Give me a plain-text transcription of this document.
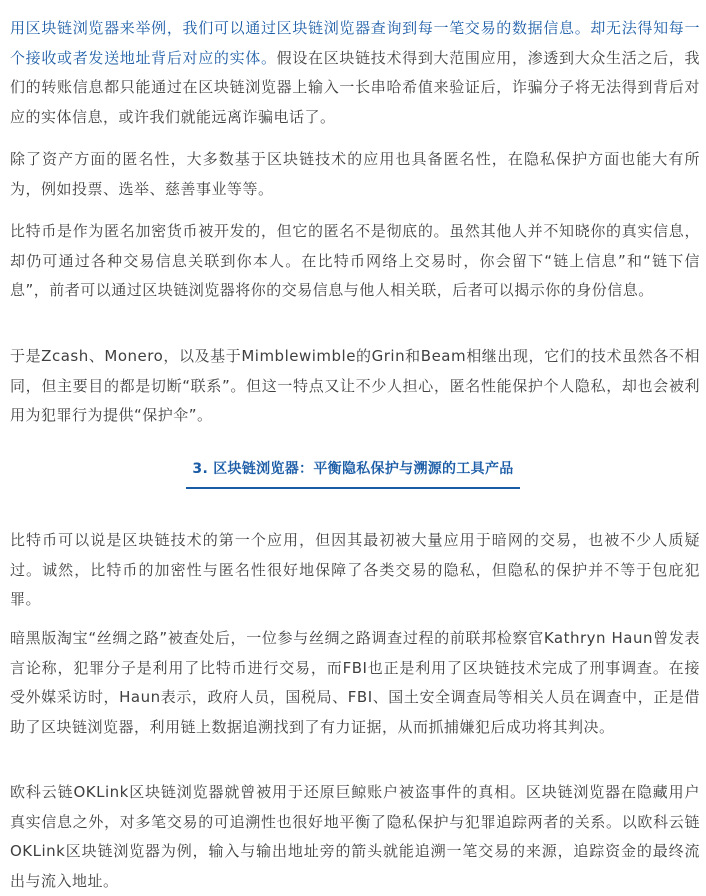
用区块链浏览器来举例，我们可以通过区块链浏览器查询到每一笔交易的数据信息。却无法得知每一个接收或者发送地址背后对应的实体。假设在区块链技术得到大范围应用，渗透到大众生活之后，我们的转账信息都只能通过在区块链浏览器上输入一长串哈希值来验证后，诈骗分子将无法得到背后对应的实体信息，或许我们就能远离诈骗电话了。

除了资产方面的匿名性，大多数基于区块链技术的应用也具备匿名性，在隐私保护方面也能大有所为，例如投票、选举、慈善事业等等。

比特币是作为匿名加密货币被开发的，但它的匿名不是彻底的。虽然其他人并不知晓你的真实信息，却仍可通过各种交易信息关联到你本人。在比特币网络上交易时，你会留下“链上信息”和“链下信息”，前者可以通过区块链浏览器将你的交易信息与他人相关联，后者可以揭示你的身份信息。

于是Zcash、Monero，以及基于Mimblewimble的Grin和Beam相继出现，它们的技术虽然各不相同，但主要目的都是切断“联系”。但这一特点又让不少人担心，匿名性能保护个人隐私，却也会被利用为犯罪行为提供“保护伞”。

3. 区块链浏览器：平衡隐私保护与溯源的工具产品

比特币可以说是区块链技术的第一个应用，但因其最初被大量应用于暗网的交易，也被不少人质疑过。诚然，比特币的加密性与匿名性很好地保障了各类交易的隐私，但隐私的保护并不等于包庇犯罪。

暗黑版淘宝“丝绸之路”被查处后，一位参与丝绸之路调查过程的前联邦检察官Kathryn Haun曾发表言论称，犯罪分子是利用了比特币进行交易，而FBI也正是利用了区块链技术完成了刑事调查。在接受外媒采访时，Haun表示，政府人员，国税局、FBI、国土安全调查局等相关人员在调查中，正是借助了区块链浏览器，利用链上数据追溯找到了有力证据，从而抓捕嫌犯后成功将其判决。

欧科云链OKLink区块链浏览器就曾被用于还原巨鲸账户被盗事件的真相。区块链浏览器在隐藏用户真实信息之外，对多笔交易的可追溯性也很好地平衡了隐私保护与犯罪追踪两者的关系。以欧科云链OKLink区块链浏览器为例，输入与输出地址旁的箭头就能追溯一笔交易的来源，追踪资金的最终流出与流入地址。
